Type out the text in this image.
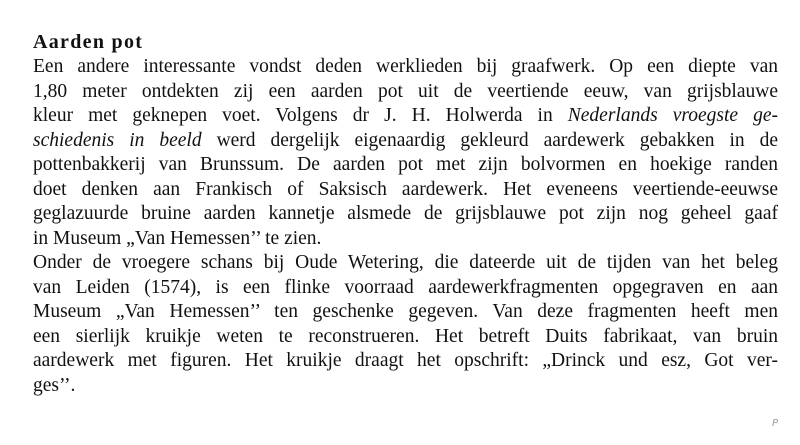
Aarden pot

Een andere interessante vondst deden werklieden bij graafwerk. Op een diepte van

1,80 meter ontdekten zij een aarden pot uit de veertiende eeuw, van grijsblauwe

kleur met geknepen voet. Volgens dr J. H. Holwerda in Nederlands vroegste ge-

schiedenis in beeld werd dergelijk eigenaardig gekleurd aardewerk gebakken in de

pottenbakkerij van Brunssum. De aarden pot met zijn bolvormen en hoekige randen

doet denken aan Frankisch of Saksisch aardewerk. Het eveneens veertiende-eeuwse

geglazuurde bruine aarden kannetje alsmede de grijsblauwe pot zijn nog geheel gaaf

in Museum „Van Hemessen’’ te zien.

Onder de vroegere schans bij Oude Wetering, die dateerde uit de tijden van het beleg

van Leiden (1574), is een flinke voorraad aardewerkfragmenten opgegraven en aan

Museum „Van Hemessen’’ ten geschenke gegeven. Van deze fragmenten heeft men

een sierlijk kruikje weten te reconstrueren. Het betreft Duits fabrikaat, van bruin

aardewerk met figuren. Het kruikje draagt het opschrift: „Drinck und esz, Got ver-

ges’’.

P
